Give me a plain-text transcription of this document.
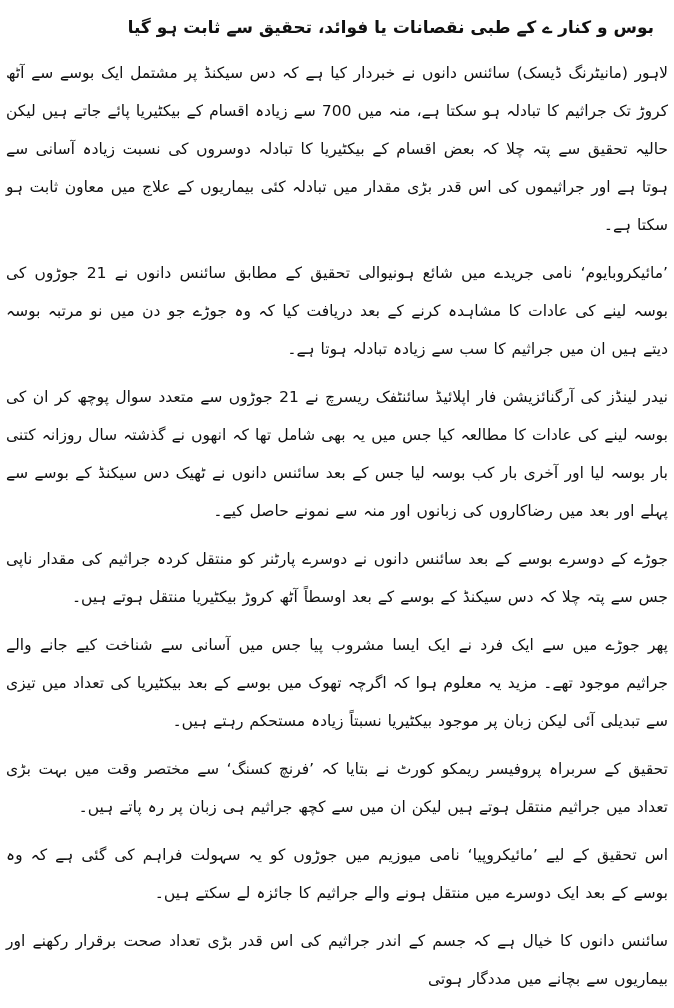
بوس و کنار ے کے طبی نقصانات یا فوائد، تحقیق سے ثابت ہو گیا

لاہور (مانیٹرنگ ڈیسک) سائنس دانوں نے خبردار کیا ہے کہ دس سیکنڈ پر مشتمل ایک بوسے سے آٹھ کروڑ تک جراثیم کا تبادلہ ہو سکتا ہے، منہ میں 700 سے زیادہ اقسام کے بیکٹیریا پائے جاتے ہیں لیکن حالیہ تحقیق سے پتہ چلا کہ بعض اقسام کے بیکٹیریا کا تبادلہ دوسروں کی نسبت زیادہ آسانی سے ہوتا ہے اور جراثیموں کی اس قدر بڑی مقدار میں تبادلہ کئی بیماریوں کے علاج میں معاون ثابت ہو سکتا ہے۔

’مائیکروبایوم‘ نامی جریدے میں شائع ہونیوالی تحقیق کے مطابق سائنس دانوں نے 21 جوڑوں کی بوسہ لینے کی عادات کا مشاہدہ کرنے کے بعد دریافت کیا کہ وہ جوڑے جو دن میں نو مرتبہ بوسہ دیتے ہیں ان میں جراثیم کا سب سے زیادہ تبادلہ ہوتا ہے۔

نیدر لینڈز کی آرگنائزیشن فار اپلائیڈ سائنٹفک ریسرچ نے 21 جوڑوں سے متعدد سوال پوچھ کر ان کی بوسہ لینے کی عادات کا مطالعہ کیا جس میں یہ بھی شامل تھا کہ انھوں نے گذشتہ سال روزانہ کتنی بار بوسہ لیا اور آخری بار کب بوسہ لیا جس کے بعد سائنس دانوں نے ٹھیک دس سیکنڈ کے بوسے سے پہلے اور بعد میں رضاکاروں کی زبانوں اور منہ سے نمونے حاصل کیے۔

جوڑے کے دوسرے بوسے کے بعد سائنس دانوں نے دوسرے پارٹنر کو منتقل کردہ جراثیم کی مقدار ناپی جس سے پتہ چلا کہ دس سیکنڈ کے بوسے کے بعد اوسطاً آٹھ کروڑ بیکٹیریا منتقل ہوتے ہیں۔

پھر جوڑے میں سے ایک فرد نے ایک ایسا مشروب پیا جس میں آسانی سے شناخت کیے جانے والے جراثیم موجود تھے۔ مزید یہ معلوم ہوا کہ اگرچہ تھوک میں بوسے کے بعد بیکٹیریا کی تعداد میں تیزی سے تبدیلی آئی لیکن زبان پر موجود بیکٹیریا نسبتاً زیادہ مستحکم رہتے ہیں۔

تحقیق کے سربراہ پروفیسر ریمکو کورٹ نے بتایا کہ ’فرنچ کسنگ‘ سے مختصر وقت میں بہت بڑی تعداد میں جراثیم منتقل ہوتے ہیں لیکن ان میں سے کچھ جراثیم ہی زبان پر رہ پاتے ہیں۔

اس تحقیق کے لیے ’مائیکروپیا‘ نامی میوزیم میں جوڑوں کو یہ سہولت فراہم کی گئی ہے کہ وہ بوسے کے بعد ایک دوسرے میں منتقل ہونے والے جراثیم کا جائزہ لے سکتے ہیں۔

سائنس دانوں کا خیال ہے کہ جسم کے اندر جراثیم کی اس قدر بڑی تعداد صحت برقرار رکھنے اور بیماریوں سے بچانے میں مددگار ہوتی
